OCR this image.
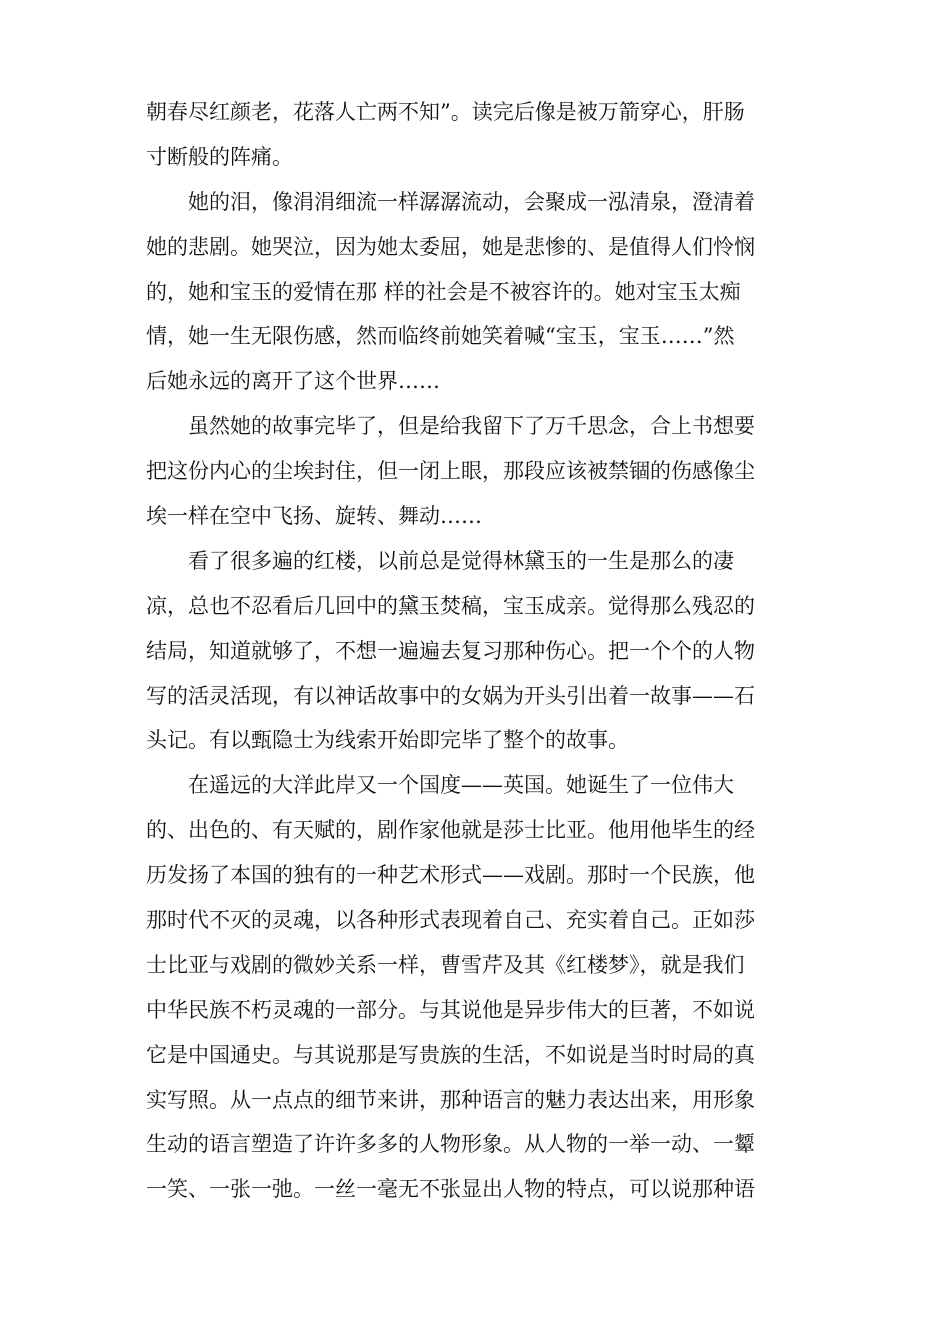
朝春尽红颜老，花落人亡两不知”。读完后像是被万箭穿心，肝肠
寸断般的阵痛。
她的泪，像涓涓细流一样潺潺流动，会聚成一泓清泉，澄清着
她的悲剧。她哭泣，因为她太委屈，她是悲惨的、是值得人们怜悯
的，她和宝玉的爱情在那 样的社会是不被容许的。她对宝玉太痴
情，她一生无限伤感，然而临终前她笑着喊“宝玉，宝玉……”然
后她永远的离开了这个世界……
虽然她的故事完毕了，但是给我留下了万千思念，合上书想要
把这份内心的尘埃封住，但一闭上眼，那段应该被禁锢的伤感像尘
埃一样在空中飞扬、旋转、舞动……
看了很多遍的红楼，以前总是觉得林黛玉的一生是那么的凄
凉，总也不忍看后几回中的黛玉焚稿，宝玉成亲。觉得那么残忍的
结局，知道就够了，不想一遍遍去复习那种伤心。把一个个的人物
写的活灵活现，有以神话故事中的女娲为开头引出着一故事——石
头记。有以甄隐士为线索开始即完毕了整个的故事。
在遥远的大洋此岸又一个国度——英国。她诞生了一位伟大
的、出色的、有天赋的，剧作家他就是莎士比亚。他用他毕生的经
历发扬了本国的独有的一种艺术形式——戏剧。那时一个民族，他
那时代不灭的灵魂，以各种形式表现着自己、充实着自己。正如莎
士比亚与戏剧的微妙关系一样，曹雪芹及其《红楼梦》，就是我们
中华民族不朽灵魂的一部分。与其说他是异步伟大的巨著，不如说
它是中国通史。与其说那是写贵族的生活，不如说是当时时局的真
实写照。从一点点的细节来讲，那种语言的魅力表达出来，用形象
生动的语言塑造了许许多多的人物形象。从人物的一举一动、一颦
一笑、一张一弛。一丝一毫无不张显出人物的特点，可以说那种语
